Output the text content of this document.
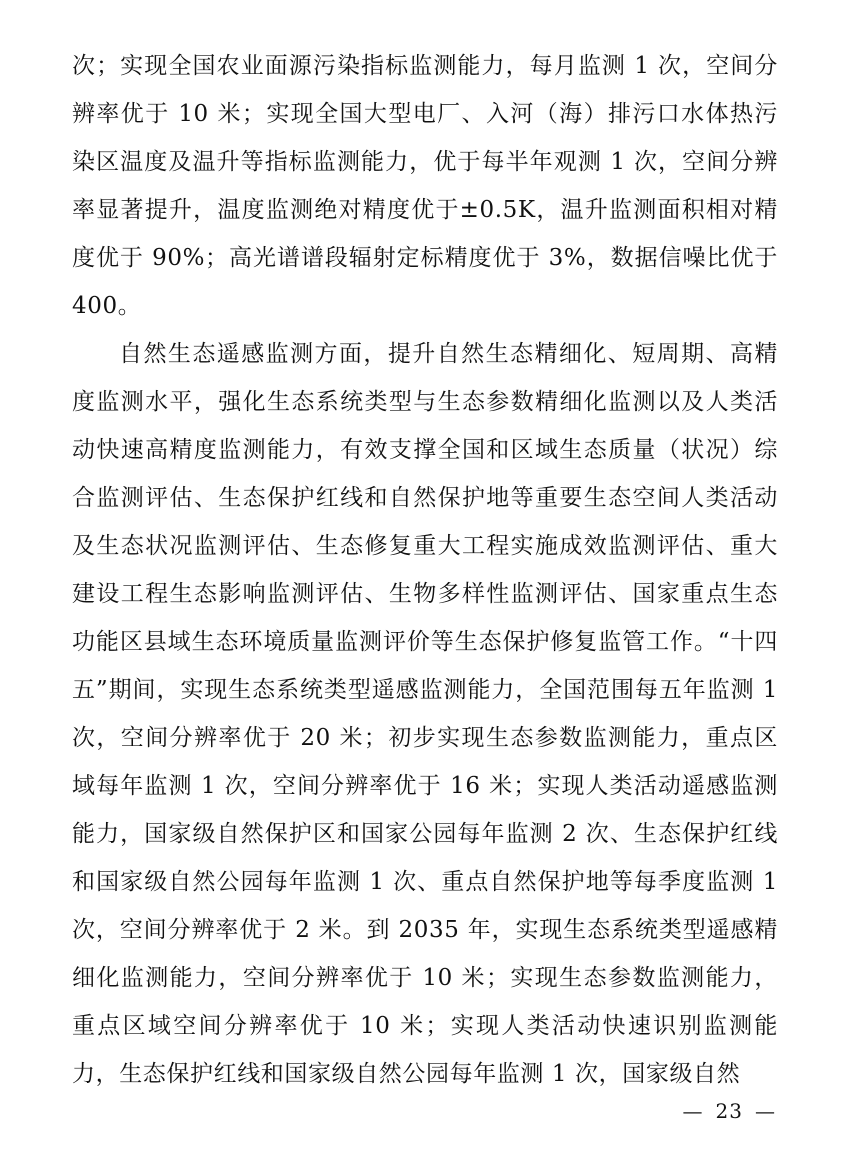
次；实现全国农业面源污染指标监测能力，每月监测 1 次，空间分辨率优于 10 米；实现全国大型电厂、入河（海）排污口水体热污染区温度及温升等指标监测能力，优于每半年观测 1 次，空间分辨率显著提升，温度监测绝对精度优于±0.5K，温升监测面积相对精度优于 90%；高光谱谱段辐射定标精度优于 3%，数据信噪比优于400。

自然生态遥感监测方面，提升自然生态精细化、短周期、高精度监测水平，强化生态系统类型与生态参数精细化监测以及人类活动快速高精度监测能力，有效支撑全国和区域生态质量（状况）综合监测评估、生态保护红线和自然保护地等重要生态空间人类活动及生态状况监测评估、生态修复重大工程实施成效监测评估、重大建设工程生态影响监测评估、生物多样性监测评估、国家重点生态功能区县域生态环境质量监测评价等生态保护修复监管工作。“十四五”期间，实现生态系统类型遥感监测能力，全国范围每五年监测 1 次，空间分辨率优于 20 米；初步实现生态参数监测能力，重点区域每年监测 1 次，空间分辨率优于 16 米；实现人类活动遥感监测能力，国家级自然保护区和国家公园每年监测 2 次、生态保护红线和国家级自然公园每年监测 1 次、重点自然保护地等每季度监测 1 次，空间分辨率优于 2 米。到 2035 年，实现生态系统类型遥感精细化监测能力，空间分辨率优于 10 米；实现生态参数监测能力，重点区域空间分辨率优于 10 米；实现人类活动快速识别监测能力，生态保护红线和国家级自然公园每年监测 1 次，国家级自然

— 23 —
